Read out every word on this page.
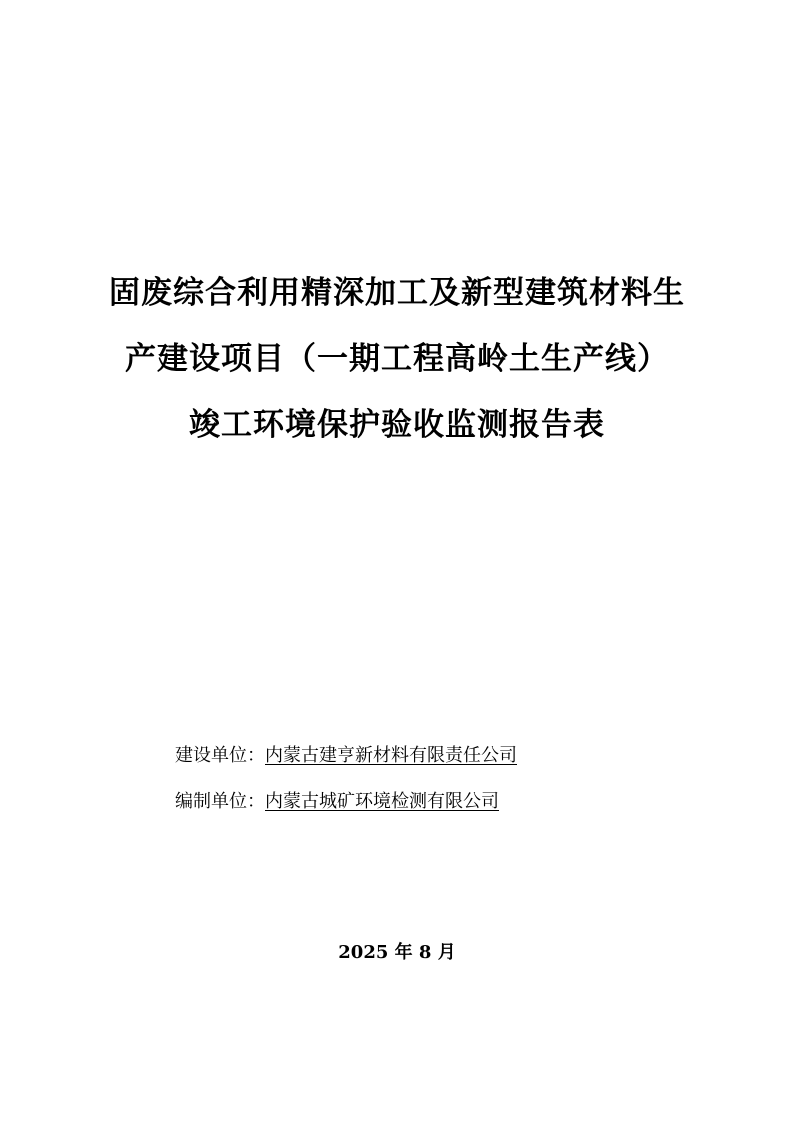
固废综合利用精深加工及新型建筑材料生
产建设项目（一期工程高岭土生产线）
竣工环境保护验收监测报告表
建设单位：内蒙古建亨新材料有限责任公司
编制单位：内蒙古城矿环境检测有限公司
2025 年 8 月
